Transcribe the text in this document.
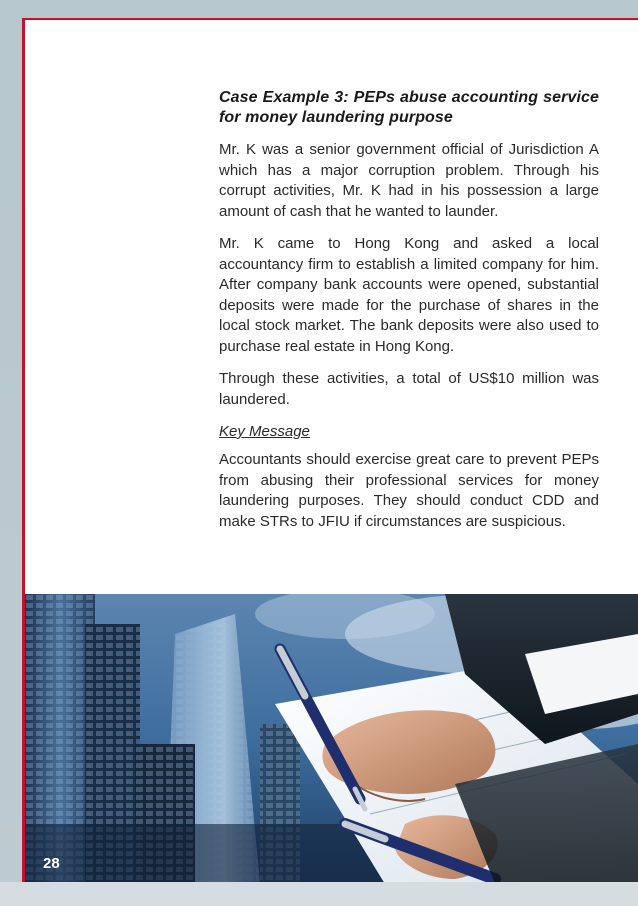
Case Example 3: PEPs abuse accounting service for money laundering purpose

Mr. K was a senior government official of Jurisdiction A which has a major corruption problem. Through his corrupt activities, Mr. K had in his possession a large amount of cash that he wanted to launder.

Mr. K came to Hong Kong and asked a local accountancy firm to establish a limited company for him. After company bank accounts were opened, substantial deposits were made for the purchase of shares in the local stock market. The bank deposits were also used to purchase real estate in Hong Kong.

Through these activities, a total of US$10 million was laundered.

Key Message

Accountants should exercise great care to prevent PEPs from abusing their professional services for money laundering purposes. They should conduct CDD and make STRs to JFIU if circumstances are suspicious.

28
